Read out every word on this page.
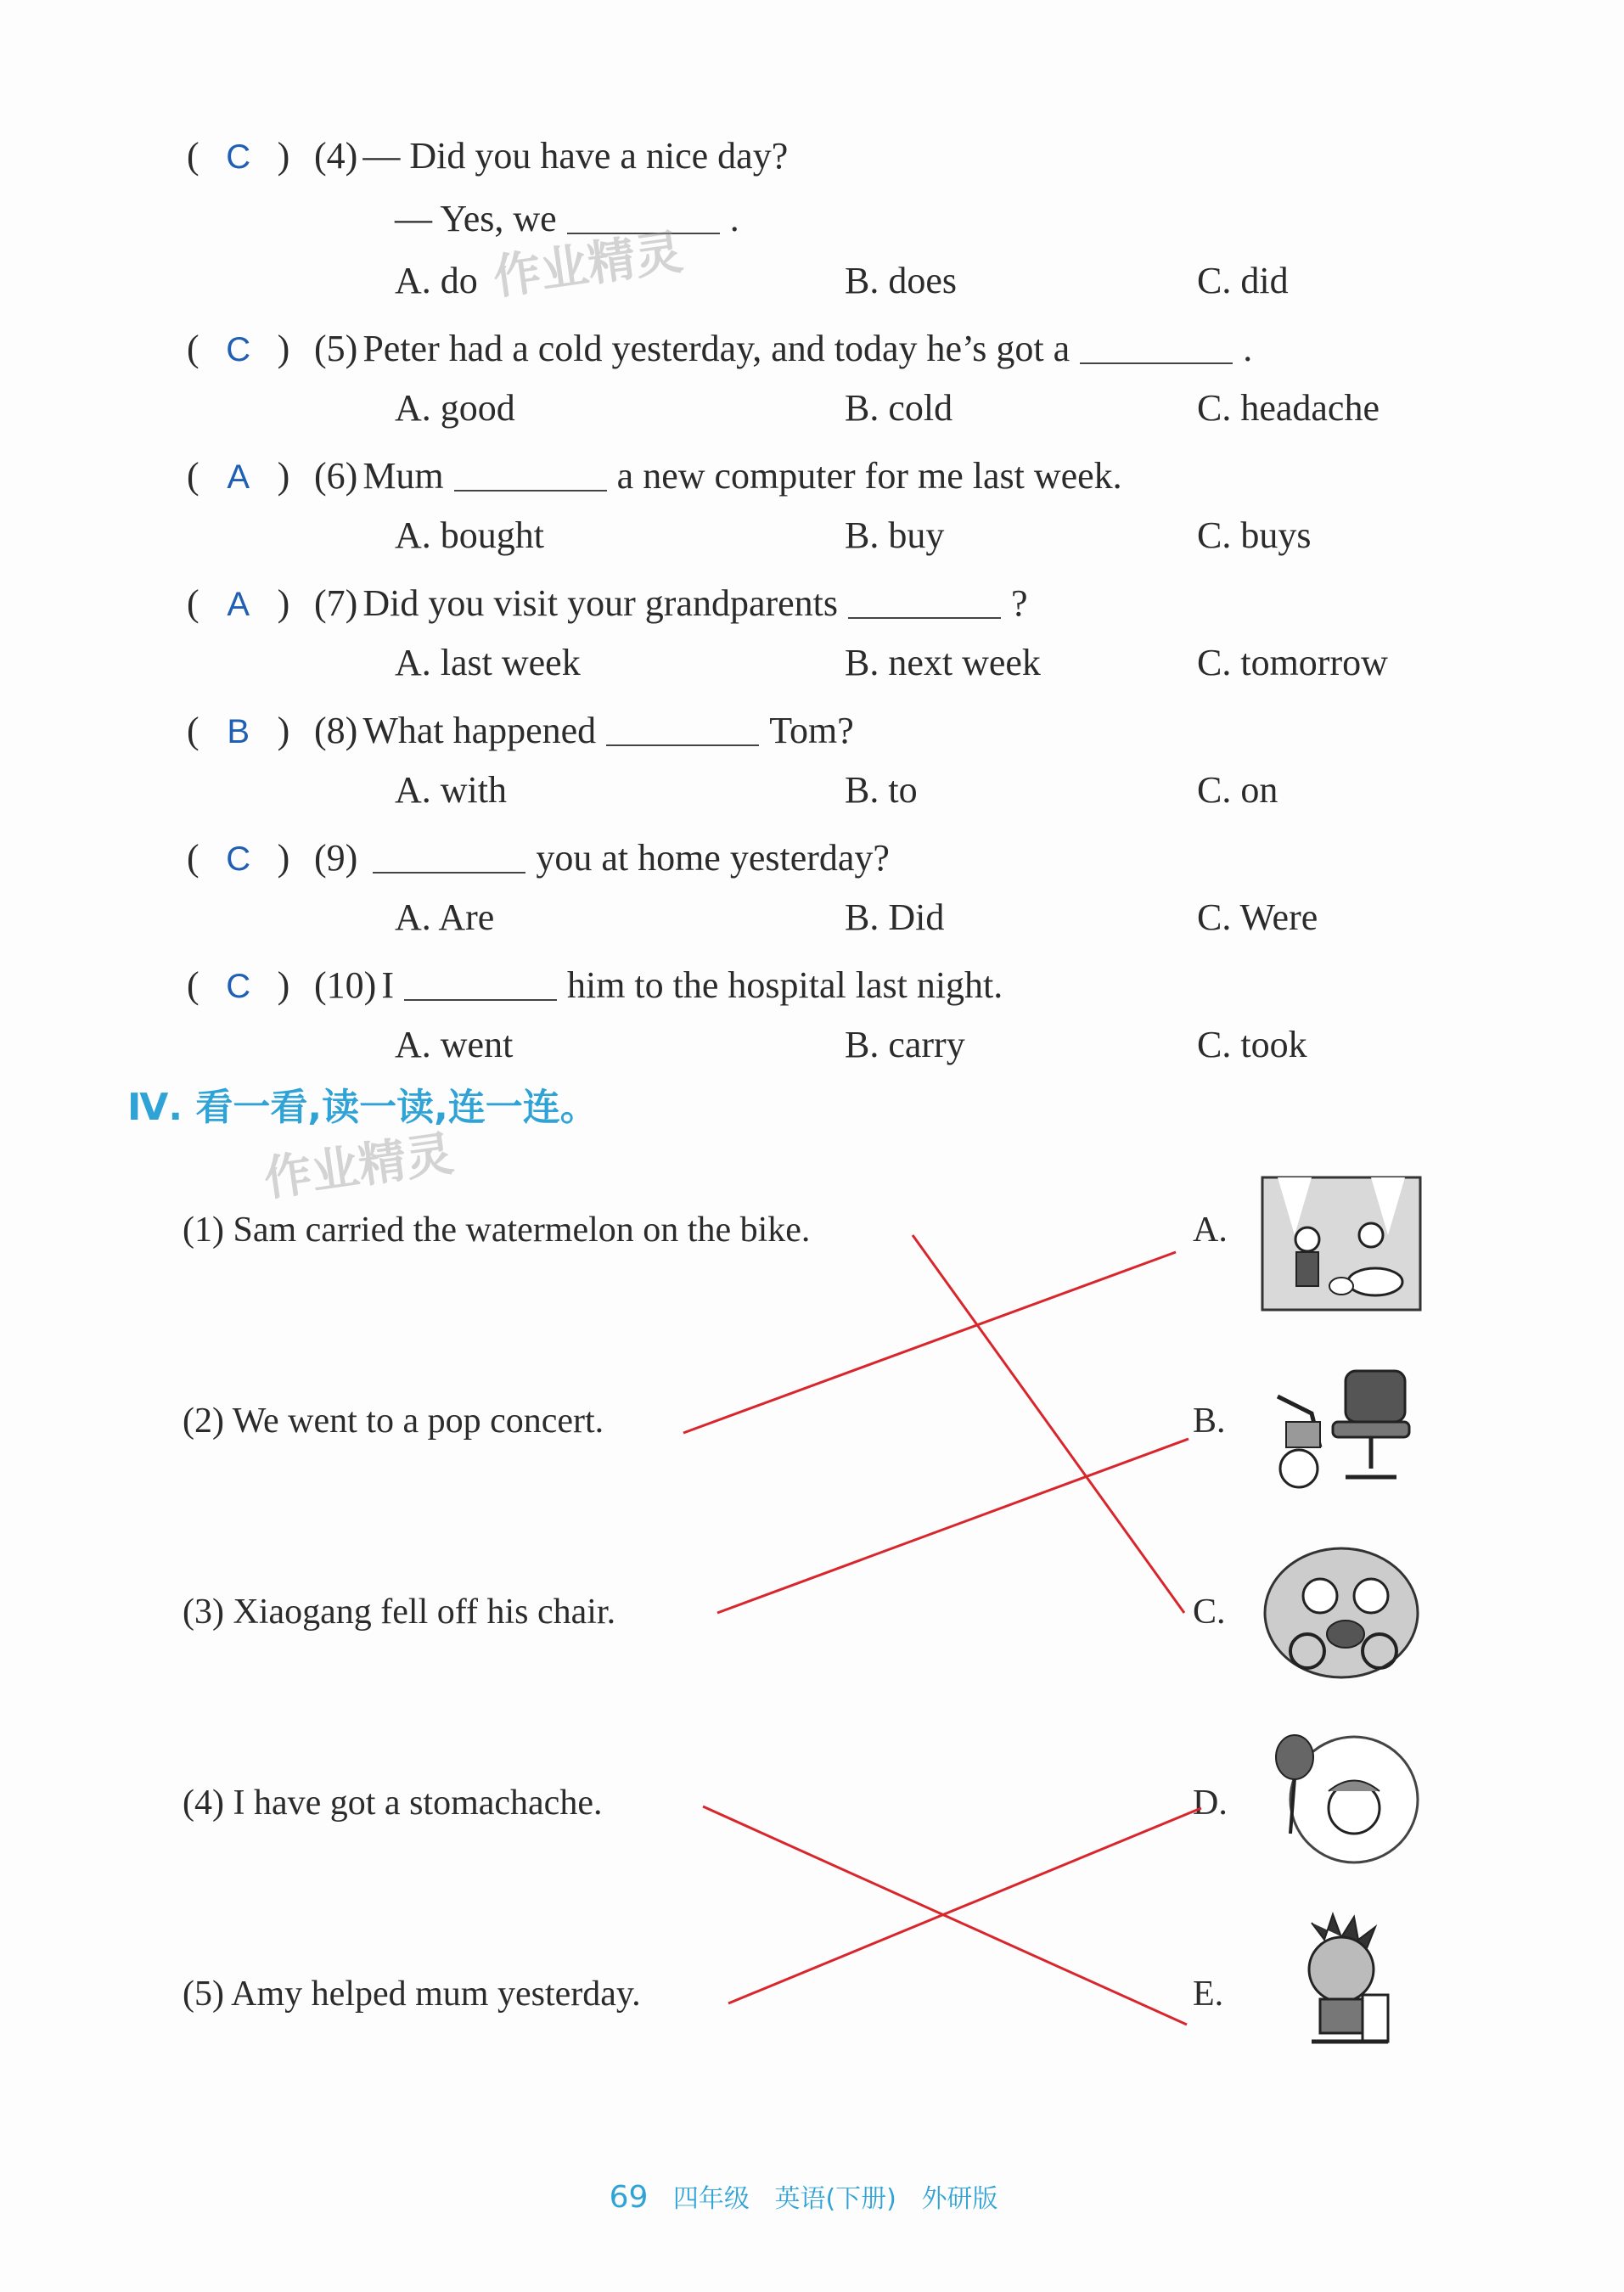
( C ) (4) — Did you have a nice day?
— Yes, we	.
A. do	B. does	C. did
( C ) (5) Peter had a cold yesterday, and today he’s got a	.
A. good	B. cold	C. headache
( A ) (6) Mum	a new computer for me last week.
A. bought	B. buy	C. buys
( A ) (7) Did you visit your grandparents	?
A. last week	B. next week	C. tomorrow
( B ) (8) What happened	Tom?
A. with	B. to	C. on
( C ) (9)	you at home yesterday?
A. Are	B. Did	C. Were
( C ) (10) I	him to the hospital last night.
A. went	B. carry	C. took
Ⅳ. 看一看,读一读,连一连。
(1) Sam carried the watermelon on the bike.
(2) We went to a pop concert.
(3) Xiaogang fell off his chair.
(4) I have got a stomachache.
(5) Amy helped mum yesterday.
A.
B.
C.
D.
E.
作业精灵
作业精灵
69 四年级 英语(下册) 外研版
